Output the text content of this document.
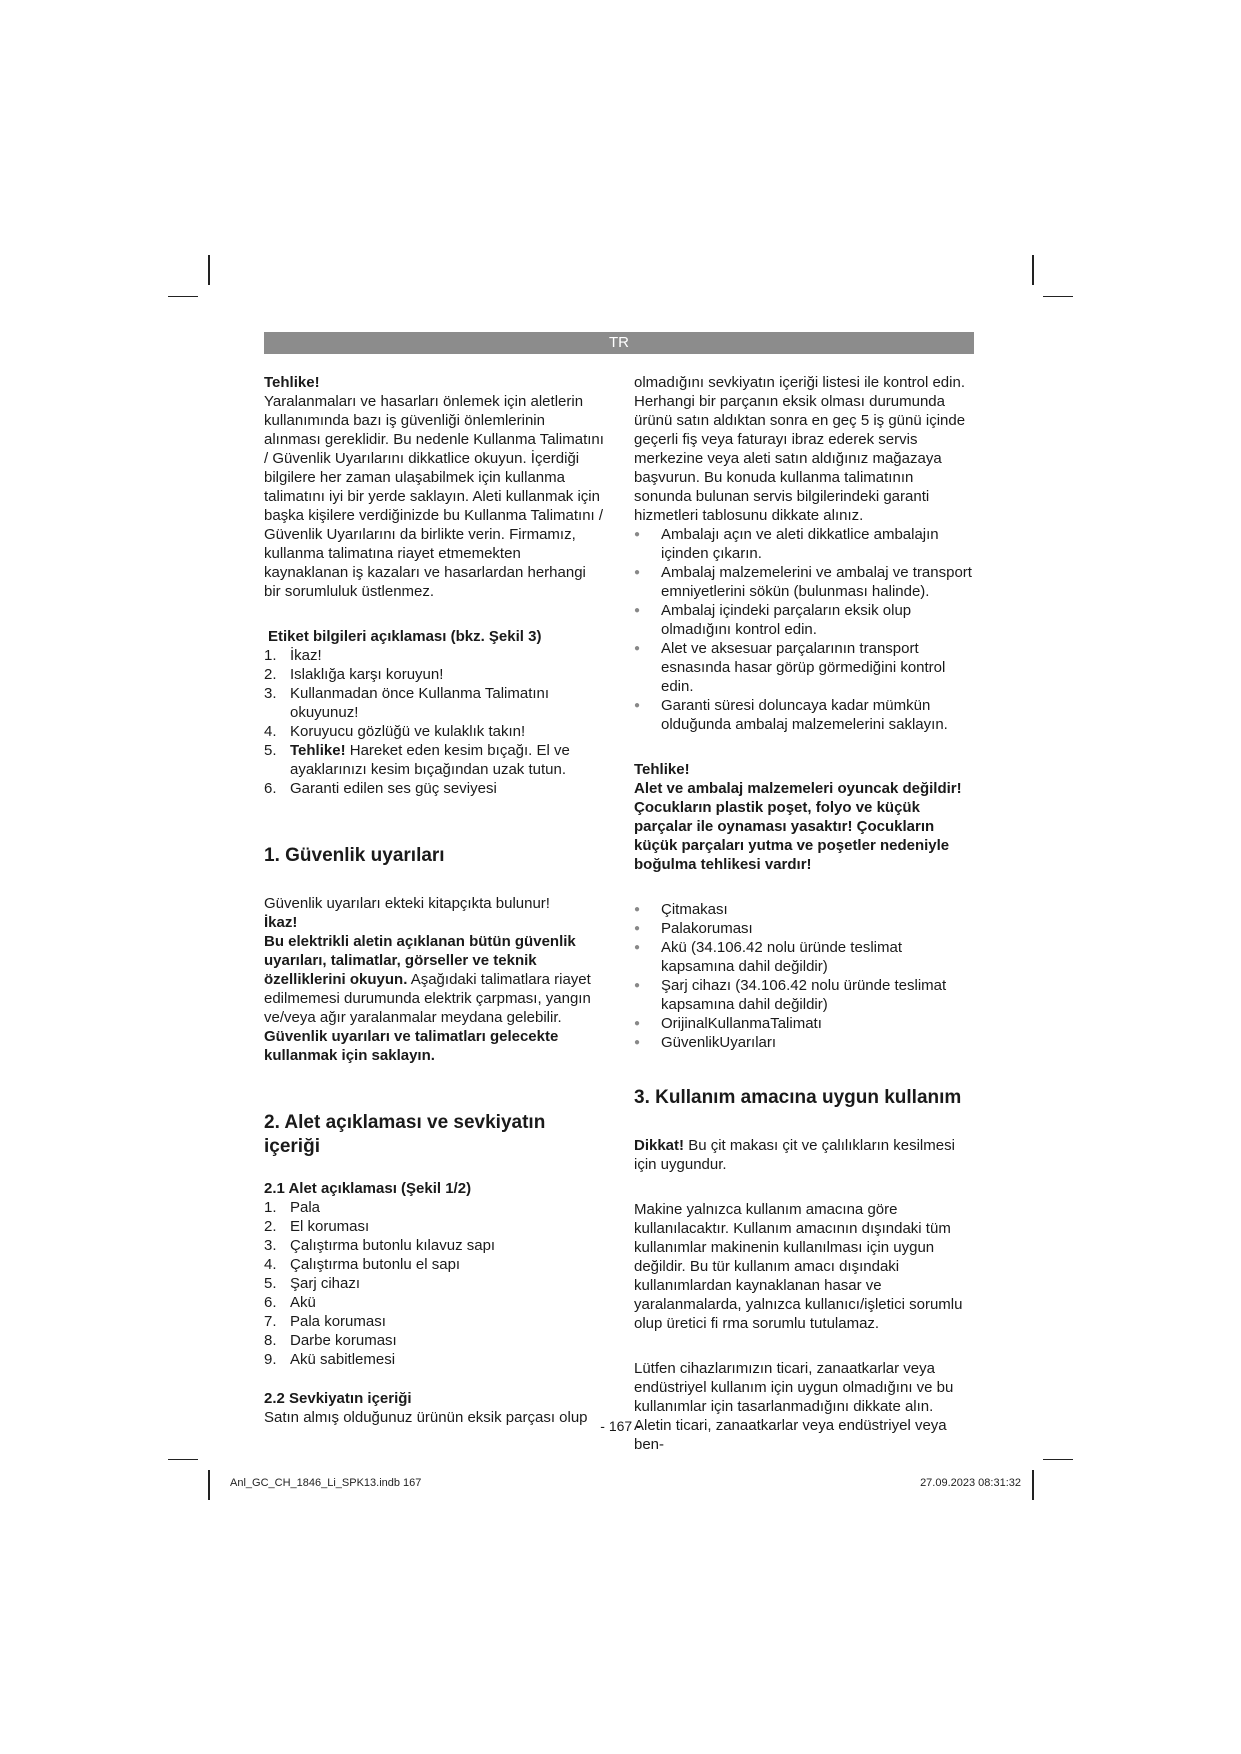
TR

Tehlike!

Yaralanmaları ve hasarları önlemek için aletlerin kullanımında bazı iş güvenliği önlemlerinin alınması gereklidir. Bu nedenle Kullanma Talimatını / Güvenlik Uyarılarını dikkatlice okuyun. İçerdiği bilgilere her zaman ulaşabilmek için kullanma talimatını iyi bir yerde saklayın. Aleti kullanmak için başka kişilere verdiğinizde bu Kullanma Talimatını / Güvenlik Uyarılarını da birlikte verin. Firmamız, kullanma talimatına riayet etmemekten kaynaklanan iş kazaları ve hasarlardan herhangi bir sorumluluk üstlenmez.

Etiket bilgileri açıklaması (bkz. Şekil 3)

1. İkaz!
2. Islaklığa karşı koruyun!
3. Kullanmadan önce Kullanma Talimatını okuyunuz!
4. Koruyucu gözlüğü ve kulaklık takın!
5. Tehlike! Hareket eden kesim bıçağı. El ve ayaklarınızı kesim bıçağından uzak tutun.
6. Garanti edilen ses güç seviyesi
1. Güvenlik uyarıları

Güvenlik uyarıları ekteki kitapçıkta bulunur!

İkaz!

Bu elektrikli aletin açıklanan bütün güvenlik uyarıları, talimatlar, görseller ve teknik özelliklerini okuyun. Aşağıdaki talimatlara riayet edilmemesi durumunda elektrik çarpması, yangın ve/veya ağır yaralanmalar meydana gelebilir.

Güvenlik uyarıları ve talimatları gelecekte kullanmak için saklayın.

2. Alet açıklaması ve sevkiyatın içeriği

2.1 Alet açıklaması (Şekil 1/2)

1. Pala
2. El koruması
3. Çalıştırma butonlu kılavuz sapı
4. Çalıştırma butonlu el sapı
5. Şarj cihazı
6. Akü
7. Pala koruması
8. Darbe koruması
9. Akü sabitlemesi

2.2 Sevkiyatın içeriği

Satın almış olduğunuz ürünün eksik parçası olup

olmadığını sevkiyatın içeriği listesi ile kontrol edin. Herhangi bir parçanın eksik olması durumunda ürünü satın aldıktan sonra en geç 5 iş günü içinde geçerli fiş veya faturayı ibraz ederek servis merkezine veya aleti satın aldığınız mağazaya başvurun. Bu konuda kullanma talimatının sonunda bulunan servis bilgilerindeki garanti hizmetleri tablosunu dikkate alınız.

● Ambalajı açın ve aleti dikkatlice ambalajın içinden çıkarın.
● Ambalaj malzemelerini ve ambalaj ve transport emniyetlerini sökün (bulunması halinde).
● Ambalaj içindeki parçaların eksik olup olmadığını kontrol edin.
● Alet ve aksesuar parçalarının transport esnasında hasar görüp görmediğini kontrol edin.
● Garanti süresi doluncaya kadar mümkün olduğunda ambalaj malzemelerini saklayın.

Tehlike!

Alet ve ambalaj malzemeleri oyuncak değildir! Çocukların plastik poşet, folyo ve küçük parçalar ile oynaması yasaktır! Çocukların küçük parçaları yutma ve poşetler nedeniyle boğulma tehlikesi vardır!

● Çitmakası
● Palakoruması
● Akü (34.106.42 nolu üründe teslimat kapsamına dahil değildir)
● Şarj cihazı (34.106.42 nolu üründe teslimat kapsamına dahil değildir)
● OrijinalKullanmaTalimatı
● GüvenlikUyarıları
3. Kullanım amacına uygun kullanım

Dikkat! Bu çit makası çit ve çalılıkların kesilmesi için uygundur.

Makine yalnızca kullanım amacına göre kullanılacaktır. Kullanım amacının dışındaki tüm kullanımlar makinenin kullanılması için uygun değildir. Bu tür kullanım amacı dışındaki kullanımlardan kaynaklanan hasar ve yaralanmalarda, yalnızca kullanıcı/işletici sorumlu olup üretici fi rma sorumlu tutulamaz.

Lütfen cihazlarımızın ticari, zanaatkarlar veya endüstriyel kullanım için uygun olmadığını ve bu kullanımlar için tasarlanmadığını dikkate alın. Aletin ticari, zanaatkarlar veya endüstriyel veya ben-

- 167 -
Anl_GC_CH_1846_Li_SPK13.indb 167	27.09.2023 08:31:32
